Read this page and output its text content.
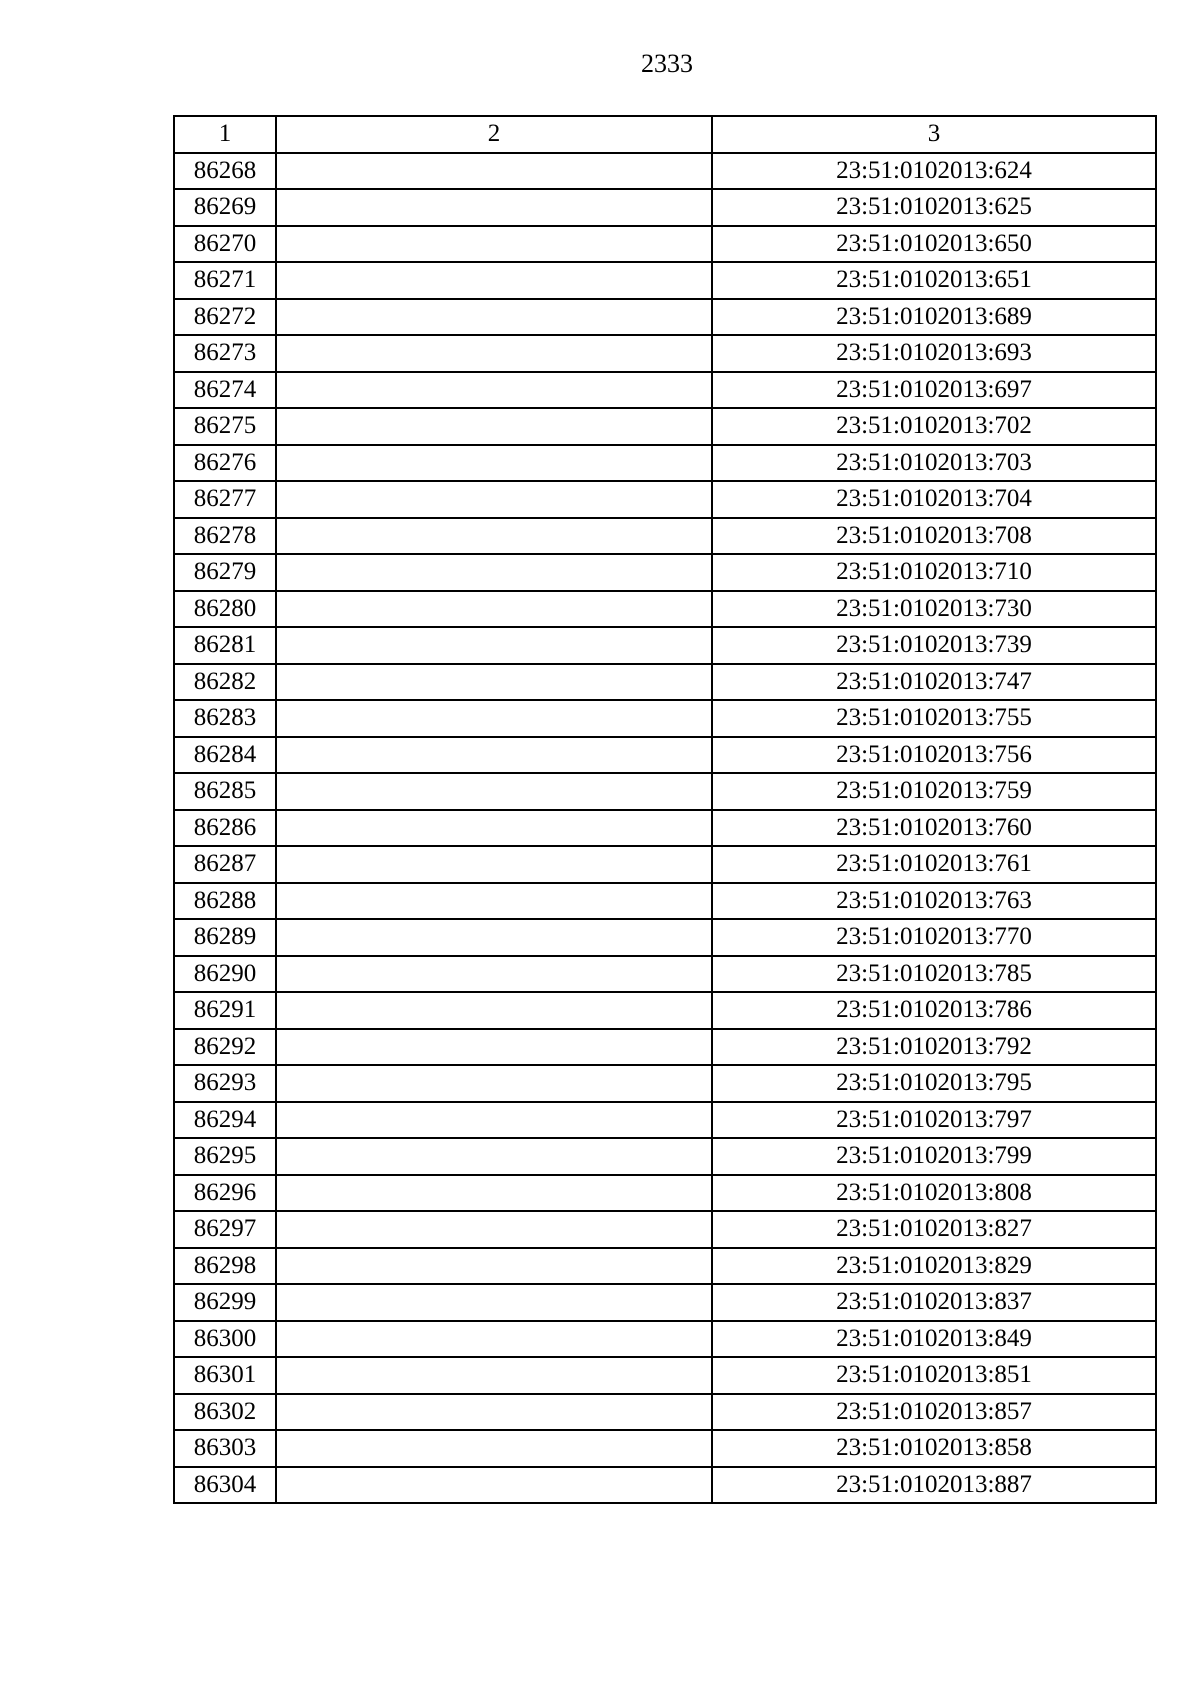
2333
1	2	3
86268		23:51:0102013:624
86269		23:51:0102013:625
86270		23:51:0102013:650
86271		23:51:0102013:651
86272		23:51:0102013:689
86273		23:51:0102013:693
86274		23:51:0102013:697
86275		23:51:0102013:702
86276		23:51:0102013:703
86277		23:51:0102013:704
86278		23:51:0102013:708
86279		23:51:0102013:710
86280		23:51:0102013:730
86281		23:51:0102013:739
86282		23:51:0102013:747
86283		23:51:0102013:755
86284		23:51:0102013:756
86285		23:51:0102013:759
86286		23:51:0102013:760
86287		23:51:0102013:761
86288		23:51:0102013:763
86289		23:51:0102013:770
86290		23:51:0102013:785
86291		23:51:0102013:786
86292		23:51:0102013:792
86293		23:51:0102013:795
86294		23:51:0102013:797
86295		23:51:0102013:799
86296		23:51:0102013:808
86297		23:51:0102013:827
86298		23:51:0102013:829
86299		23:51:0102013:837
86300		23:51:0102013:849
86301		23:51:0102013:851
86302		23:51:0102013:857
86303		23:51:0102013:858
86304		23:51:0102013:887
